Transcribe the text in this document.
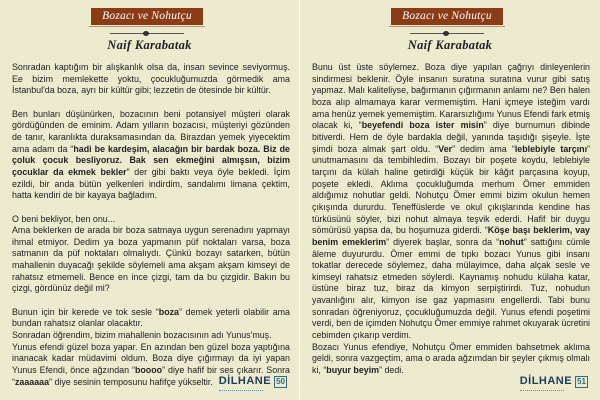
Bozacı ve Nohutçu
Naif Karabatak

Sonradan kaptığım bir alışkanlık olsa da, insan sevince seviyormuş. Ee bizim memlekette yoktu, çocukluğumuzda görmedik ama İstanbul'da boza, ayrı bir kültür gibi; lezzetin de ötesinde bir kültür.

Ben bunları düşünürken, bozacının beni potansiyel müşteri olarak gördüğünden de eminim. Adam yılların bozacısı, müşteriyi gözünden de tanır, karanlıkta duraksamasından da. Birazdan yemek yiyecektim ama adam da “hadi be kardeşim, alacağın bir bardak boza. Biz de çoluk çocuk besliyoruz. Bak sen ekmeğini almışsın, bizim çocuklar da ekmek bekler” der gibi baktı veya öyle bekledi. İçim ezildi, bir anda bütün yelkenleri indirdim, sandalımı limana çektim, hatta kendiri de bir kayaya bağladım.

O beni bekliyor, ben onu...

Ama beklerken de arada bir boza satmaya uygun serenadını yapmayı ihmal etmiyor. Dedim ya boza yapmanın püf noktaları varsa, boza satmanın da püf noktaları olmalıydı. Çünkü bozayı satarken, bütün mahallenin duyacağı şekilde söylemeli ama akşam akşam kimseyi de rahatsız etmemeli. Bence en ince çizgi, tam da bu çizgidir. Bakın bu çizgi, gördünüz değil mi?

Bunun için bir kerede ve tok sesle “boza” demek yeterli olabilir ama bundan rahatsız olanlar olacaktır.

Sonradan öğrendim, bizim mahallenin bozacısının adı Yunus'muş.

Yunus efendi güzel boza yapar. En azından ben güzel boza yaptığına inanacak kadar müdavimi oldum. Boza diye çığırmayı da iyi yapan Yunus Efendi, önce ağzından “boooo” diye hafif bir ses çıkarır. Sonra “zaaaaaa” diye sesinin temposunu hafifçe yükseltir. DİLHANE 50
Bozacı ve Nohutçu
Naif Karabatak

Bunu üst üste söylemez. Boza diye yapılan çağrıyı dinleyenlerin sindirmesi beklenir. Öyle insanın suratına suratına vurur gibi satış yapmaz. Malı kaliteliyse, bağırmanın çığırmanın anlamı ne? Ben halen boza alıp almamaya karar vermemiştim. Hani içmeye isteğim vardı ama henüz yemek yememiştim. Kararsızlığımı Yunus Efendi fark etmiş olacak ki, “beyefendi boza ister misin” diye burnumun dibinde bitiverdi. Hem de öyle bardakla değil, yanında taşıdığı şişeyle. İşte şimdi boza almak şart oldu. “Ver” dedim ama “leblebiyle tarçını” unutmamasını da tembihledim. Bozayı bir poşete koydu, leblebiyle tarçını da külah haline getirdiği küçük bir kâğıt parçasına koyup, poşete ekledi. Aklıma çocukluğumda merhum Ömer emmiden aldığımız nohutlar geldi. Nohutçu Ömer emmi bizim okulun hemen çıkışında dururdu. Teneffüslerde ve okul çıkışlarında kendine has türküsünü söyler, bizi nohut almaya teşvik ederdi. Hafif bir duygu sömürüsü yapsa da, bu hoşumuza giderdi. “Köşe başı beklerim, vay benim emeklerim” diyerek başlar, sonra da “nohut” sattığını cümle âleme duyururdu. Ömer emmi de tıpkı bozacı Yunus gibi insanı tokatlar derecede söylemez, daha mülayimce, daha alçak sesle ve kimseyi rahatsız etmeden söylerdi. Kaynamış nohudu külaha katar, üstüne biraz tuz, biraz da kimyon serpiştirirdi. Tuz, nohudun yavanlığını alır, kimyon ise gaz yapmasını engellerdi. Tabi bunu sonradan öğreniyoruz, çocukluğumuzda değil. Yunus efendi poşetimi verdi, ben de içimden Nohutçu Ömer emmiye rahmet okuyarak ücretini cebimden çıkarıp verdim.

Bozacı Yunus efendiye, Nohutçu Ömer emmiden bahsetmek aklıma geldi, sonra vazgeçtim, ama o arada ağzımdan bir şeyler çıkmış olmalı ki, “buyur beyim” dedi.

DİLHANE 51
